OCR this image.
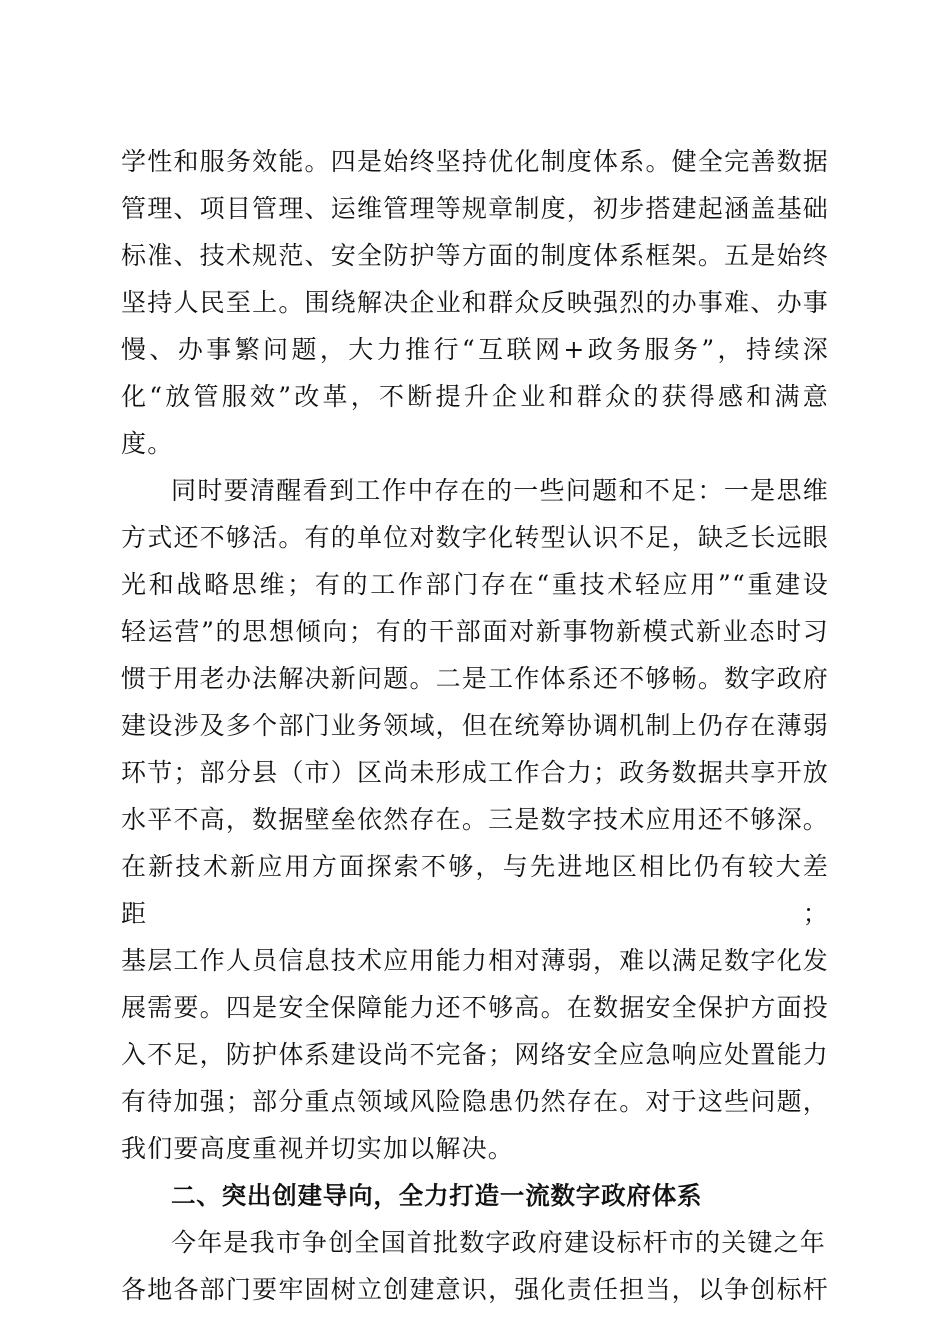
学性和服务效能。四是始终坚持优化制度体系。健全完善数据

管理、项目管理、运维管理等规章制度，初步搭建起涵盖基础

标准、技术规范、安全防护等方面的制度体系框架。五是始终

坚持人民至上。围绕解决企业和群众反映强烈的办事难、办事

慢、办事繁问题，大力推行“互联网+政务服务”，持续深

化“放管服效”改革，不断提升企业和群众的获得感和满意度。

同时要清醒看到工作中存在的一些问题和不足：一是思维

方式还不够活。有的单位对数字化转型认识不足，缺乏长远眼

光和战略思维；有的工作部门存在“重技术轻应用”“重建设

轻运营”的思想倾向；有的干部面对新事物新模式新业态时习

惯于用老办法解决新问题。二是工作体系还不够畅。数字政府

建设涉及多个部门业务领域，但在统筹协调机制上仍存在薄弱

环节；部分县（市）区尚未形成工作合力；政务数据共享开放

水平不高，数据壁垒依然存在。三是数字技术应用还不够深。

在新技术新应用方面探索不够，与先进地区相比仍有较大差距；

基层工作人员信息技术应用能力相对薄弱，难以满足数字化发

展需要。四是安全保障能力还不够高。在数据安全保护方面投

入不足，防护体系建设尚不完备；网络安全应急响应处置能力

有待加强；部分重点领域风险隐患仍然存在。对于这些问题，

我们要高度重视并切实加以解决。

二、突出创建导向，全力打造一流数字政府体系

今年是我市争创全国首批数字政府建设标杆市的关键之年

各地各部门要牢固树立创建意识，强化责任担当，以争创标杆
